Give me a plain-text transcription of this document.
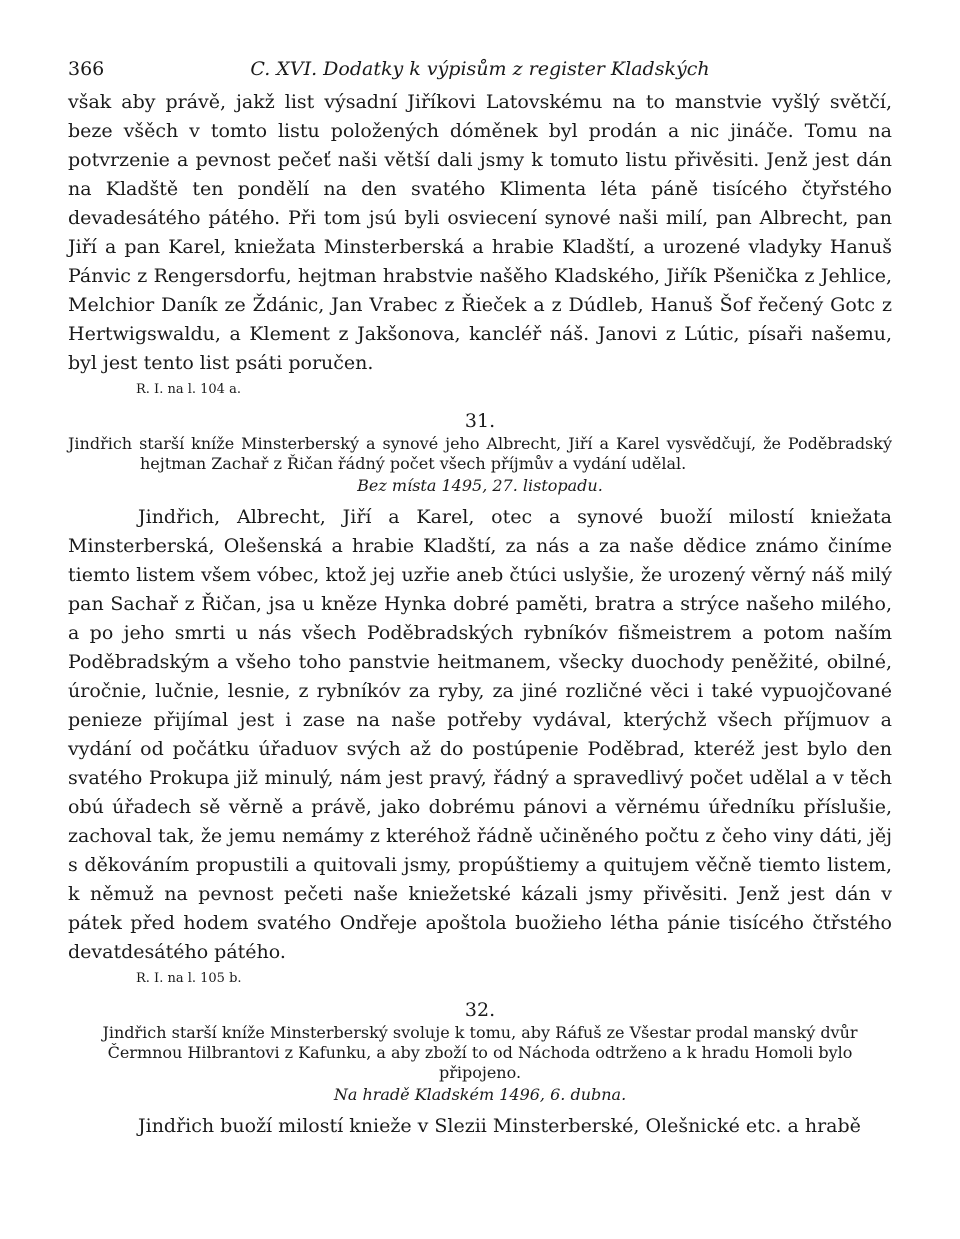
366	C. XVI. Dodatky k výpisům z register Kladských

však aby právě, jakž list výsadní Jiříkovi Latovskému na to manstvie vyšlý světčí, beze všěch v tomto listu položených dóměnek byl prodán a nic jináče. Tomu na potvrzenie a pevnost pečeť naši větší dali jsmy k tomuto listu přivěsiti. Jenž jest dán na Kladště ten pondělí na den svatého Klimenta léta páně tisícého čtyřstého devadesátého pátého. Při tom jsú byli osviecení synové naši milí, pan Albrecht, pan Jiří a pan Karel, kniežata Minsterberská a hrabie Kladští, a urozené vladyky Hanuš Pánvic z Rengersdorfu, hejtman hrabstvie našěho Kladského, Jiřík Pšenička z Jehlice, Melchior Daník ze Ždánic, Jan Vrabec z Řieček a z Dúdleb, Hanuš Šof řečený Gotc z Hertwigswaldu, a Klement z Jakšonova, kancléř náš. Janovi z Lútic, písaři našemu, byl jest tento list psáti poručen.

R. I. na l. 104 a.
31.

Jindřich starší kníže Minsterberský a synové jeho Albrecht, Jiří a Karel vysvědčují, že Poděbradský hejtman Zachař z Řičan řádný počet všech příjmův a vydání udělal.

Bez místa 1495, 27. listopadu.

Jindřich, Albrecht, Jiří a Karel, otec a synové buoží milostí kniežata Minsterberská, Olešenská a hrabie Kladští, za nás a za naše dědice známo činíme tiemto listem všem vóbec, ktož jej uzřie aneb čtúci uslyšie, že urozený věrný náš milý pan Sachař z Řičan, jsa u kněze Hynka dobré paměti, bratra a strýce našeho milého, a po jeho smrti u nás všech Poděbradských rybníkóv fišmeistrem a potom naším Poděbradským a všeho toho panstvie heitmanem, všecky duochody peněžité, obilné, úročnie, lučnie, lesnie, z rybníkóv za ryby, za jiné rozličné věci i také vypuojčované penieze přijímal jest i zase na naše potřeby vydával, kterýchž všech příjmuov a vydání od počátku úřaduov svých až do postúpenie Poděbrad, kteréž jest bylo den svatého Prokupa již minulý, nám jest pravý, řádný a spravedlivý počet udělal a v těch obú úřadech sě věrně a právě, jako dobrému pánovi a věrnému úředníku příslušie, zachoval tak, že jemu nemámy z kteréhož řádně učiněného počtu z čeho viny dáti, jěj s děkováním propustili a quitovali jsmy, propúštiemy a quitujem věčně tiemto listem, k němuž na pevnost pečeti naše kniežetské kázali jsmy přivěsiti. Jenž jest dán v pátek před hodem svatého Ondřeje apoštola buožieho létha pánie tisícého čtřstého devatdesátého pátého.

R. I. na l. 105 b.
32.

Jindřich starší kníže Minsterberský svoluje k tomu, aby Ráfuš ze Všestar prodal manský dvůr Čermnou Hilbrantovi z Kafunku, a aby zboží to od Náchoda odtrženo a k hradu Homoli bylo připojeno.

Na hradě Kladském 1496, 6. dubna.

Jindřich buoží milostí knieže v Slezii Minsterberské, Olešnické etc. a hrabě
